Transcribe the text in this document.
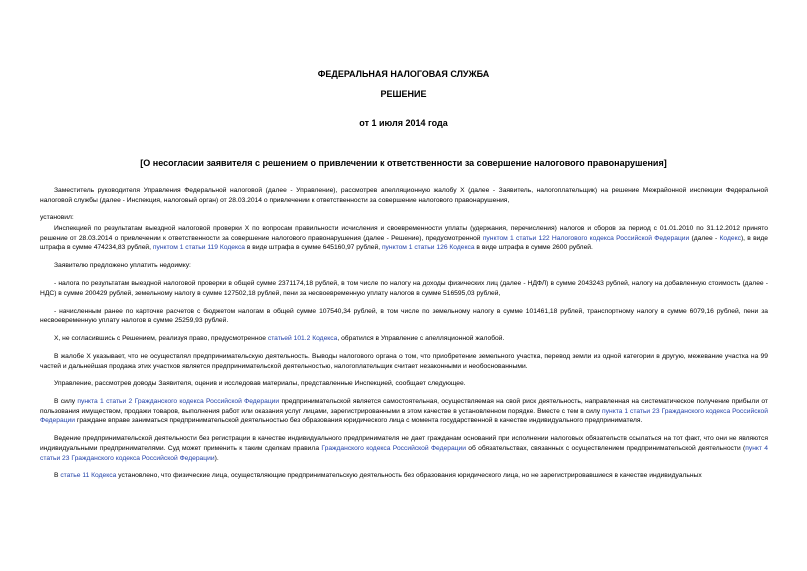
ФЕДЕРАЛЬНАЯ НАЛОГОВАЯ СЛУЖБА
РЕШЕНИЕ
от 1 июля 2014 года
[О несогласии заявителя с решением о привлечении к ответственности за совершение налогового правонарушения]

Заместитель руководителя Управления Федеральной налоговой (далее - Управление), рассмотрев апелляционную жалобу X (далее - Заявитель, налогоплательщик) на решение Межрайонной инспекции Федеральной налоговой службы (далее - Инспекция, налоговый орган) от 28.03.2014 о привлечении к ответственности за совершение налогового правонарушения,

установил:

Инспекцией по результатам выездной налоговой проверки X по вопросам правильности исчисления и своевременности уплаты (удержания, перечисления) налогов и сборов за период с 01.01.2010 по 31.12.2012 принято решение от 28.03.2014 о привлечении к ответственности за совершение налогового правонарушения (далее - Решение), предусмотренной пунктом 1 статьи 122 Налогового кодекса Российской Федерации (далее - Кодекс), в виде штрафа в сумме 474234,83 рублей, пунктом 1 статьи 119 Кодекса в виде штрафа в сумме 645160,97 рублей, пунктом 1 статьи 126 Кодекса в виде штрафа в сумме 2600 рублей.

Заявителю предложено уплатить недоимку:

- налога по результатам выездной налоговой проверки в общей сумме 2371174,18 рублей, в том числе по налогу на доходы физических лиц (далее - НДФЛ) в сумме 2043243 рублей, налогу на добавленную стоимость (далее - НДС) в сумме 200429 рублей, земельному налогу в сумме 127502,18 рублей, пени за несвоевременную уплату налогов в сумме 516595,03 рублей,

- начисленным ранее по карточке расчетов с бюджетом налогам в общей сумме 107540,34 рублей, в том числе по земельному налогу в сумме 101461,18 рублей, транспортному налогу в сумме 6079,16 рублей, пени за несвоевременную уплату налогов в сумме 25259,93 рублей.

X, не согласившись с Решением, реализуя право, предусмотренное статьей 101.2 Кодекса, обратился в Управление с апелляционной жалобой.

В жалобе X указывает, что не осуществлял предпринимательскую деятельность. Выводы налогового органа о том, что приобретение земельного участка, перевод земли из одной категории в другую, межевание участка на 99 частей и дальнейшая продажа этих участков является предпринимательской деятельностью, налогоплательщик считает незаконными и необоснованными.

Управление, рассмотрев доводы Заявителя, оценив и исследовав материалы, представленные Инспекцией, сообщает следующее.

В силу пункта 1 статьи 2 Гражданского кодекса Российской Федерации предпринимательской является самостоятельная, осуществляемая на свой риск деятельность, направленная на систематическое получение прибыли от пользования имуществом, продажи товаров, выполнения работ или оказания услуг лицами, зарегистрированными в этом качестве в установленном порядке. Вместе с тем в силу пункта 1 статьи 23 Гражданского кодекса Российской Федерации граждане вправе заниматься предпринимательской деятельностью без образования юридического лица с момента государственной в качестве индивидуального предпринимателя.

Ведение предпринимательской деятельности без регистрации в качестве индивидуального предпринимателя не дает гражданам оснований при исполнении налоговых обязательств ссылаться на тот факт, что они не являются индивидуальными предпринимателями. Суд может применить к таким сделкам правила Гражданского кодекса Российской Федерации об обязательствах, связанных с осуществлением предпринимательской деятельности (пункт 4 статьи 23 Гражданского кодекса Российской Федерации).

В статье 11 Кодекса установлено, что физические лица, осуществляющие предпринимательскую деятельность без образования юридического лица, но не зарегистрировавшиеся в качестве индивидуальных
